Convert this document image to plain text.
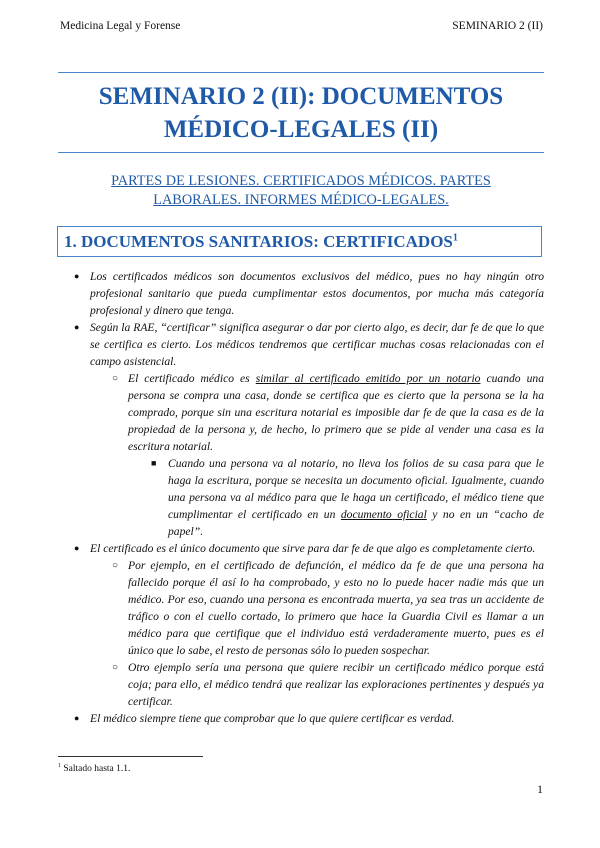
Medicina Legal y Forense	SEMINARIO 2 (II)
SEMINARIO 2 (II): DOCUMENTOS
MÉDICO-LEGALES (II)
PARTES DE LESIONES. CERTIFICADOS MÉDICOS. PARTES
LABORALES. INFORMES MÉDICO-LEGALES.
1. DOCUMENTOS SANITARIOS: CERTIFICADOS$^1$
● Los certificados médicos son documentos exclusivos del médico, pues no hay ningún otro profesional sanitario que pueda cumplimentar estos documentos, por mucha más categoría profesional y dinero que tenga.
● Según la RAE, “certificar” significa asegurar o dar por cierto algo, es decir, dar fe de que lo que se certifica es cierto. Los médicos tendremos que certificar muchas cosas relacionadas con el campo asistencial.
○ El certificado médico es similar al certificado emitido por un notario cuando una persona se compra una casa, donde se certifica que es cierto que la persona se la ha comprado, porque sin una escritura notarial es imposible dar fe de que la casa es de la propiedad de la persona y, de hecho, lo primero que se pide al vender una casa es la escritura notarial.
■ Cuando una persona va al notario, no lleva los folios de su casa para que le haga la escritura, porque se necesita un documento oficial. Igualmente, cuando una persona va al médico para que le haga un certificado, el médico tiene que cumplimentar el certificado en un documento oficial y no en un “cacho de papel”.
● El certificado es el único documento que sirve para dar fe de que algo es completamente cierto.
○ Por ejemplo, en el certificado de defunción, el médico da fe de que una persona ha fallecido porque él así lo ha comprobado, y esto no lo puede hacer nadie más que un médico. Por eso, cuando una persona es encontrada muerta, ya sea tras un accidente de tráfico o con el cuello cortado, lo primero que hace la Guardia Civil es llamar a un médico para que certifique que el individuo está verdaderamente muerto, pues es el único que lo sabe, el resto de personas sólo lo pueden sospechar.
○ Otro ejemplo sería una persona que quiere recibir un certificado médico porque está coja; para ello, el médico tendrá que realizar las exploraciones pertinentes y después ya certificar.
● El médico siempre tiene que comprobar que lo que quiere certificar es verdad.
$^1$ Saltado hasta 1.1.
1
